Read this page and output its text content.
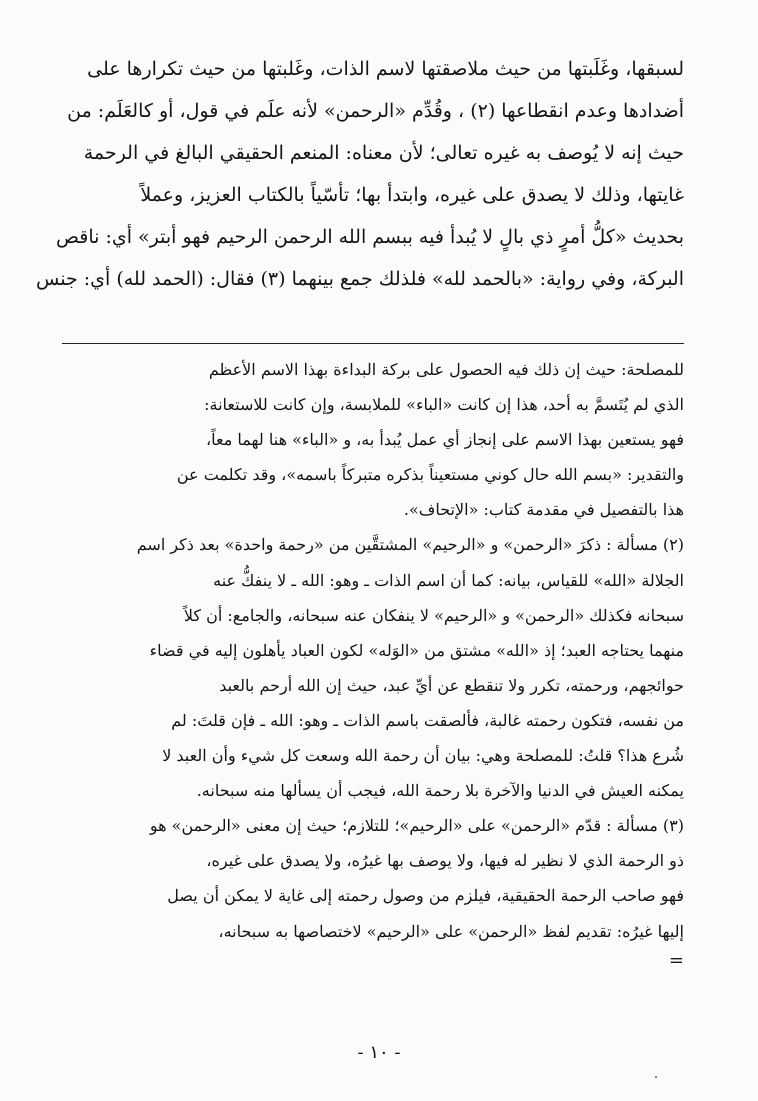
لسبقها، وغَلَبتها من حيث ملاصقتها لاسم الذات، وغَلبتها من حيث تكرارها على
أضدادها وعدم انقطاعها (٢) ، وقُدِّم «الرحمن» لأنه علَم في قول، أو كالعَلَم: من
حيث إنه لا يُوصف به غيره تعالى؛ لأن معناه: المنعم الحقيقي البالغ في الرحمة
غايتها، وذلك لا يصدق على غيره، وابتدأ بها؛ تأسّياً بالكتاب العزيز، وعملاً
بحديث «كلُّ أمرٍ ذي بالٍ لا يُبدأ فيه ببسم الله الرحمن الرحيم فهو أبتر» أي: ناقص
البركة، وفي رواية: «بالحمد لله» فلذلك جمع بينهما (٣) فقال: (الحمد لله) أي: جنس
للمصلحة: حيث إن ذلك فيه الحصول على بركة البداءة بهذا الاسم الأعظم
الذي لم يُتَسمَّ به أحد، هذا إن كانت «الباء» للملابسة، وإن كانت للاستعانة:
فهو يستعين بهذا الاسم على إنجاز أي عمل يُبدأ به، و «الباء» هنا لهما معاً،
والتقدير: «بسم الله حال كوني مستعيناً بذكره متبركاً باسمه»، وقد تكلمت عن
هذا بالتفصيل في مقدمة كتاب: «الإتحاف».
(٢) مسألة : ذكرَ «الرحمن» و «الرحيم» المشتقَّين من «رحمة واحدة» بعد ذكر اسم
الجلالة «الله» للقياس، بيانه: كما أن اسم الذات ـ وهو: الله ـ لا ينفكُّ عنه
سبحانه فكذلك «الرحمن» و «الرحيم» لا ينفكان عنه سبحانه، والجامع: أن كلاً
منهما يحتاجه العبد؛ إذ «الله» مشتق من «الوَله» لكون العباد يأهلون إليه في قضاء
حوائجهم، ورحمته، تكرر ولا تنقطع عن أيِّ عبد، حيث إن الله أرحم بالعبد
من نفسه، فتكون رحمته غالبة، فألصقت باسم الذات ـ وهو: الله ـ فإن قلتَ: لم
شُرع هذا؟ قلتُ: للمصلحة وهي: بيان أن رحمة الله وسعت كل شيء وأن العبد لا
يمكنه العيش في الدنيا والآخرة بلا رحمة الله، فيجب أن يسألها منه سبحانه.
(٣) مسألة : قدّم «الرحمن» على «الرحيم»؛ للتلازم؛ حيث إن معنى «الرحمن» هو
ذو الرحمة الذي لا نظير له فيها، ولا يوصف بها غيرُه، ولا يصدق على غيره،
فهو صاحب الرحمة الحقيقية، فيلزم من وصول رحمته إلى غاية لا يمكن أن يصل
إليها غيرُه: تقديم لفظ «الرحمن» على «الرحيم» لاختصاصها به سبحانه،
=
- ١٠ -
